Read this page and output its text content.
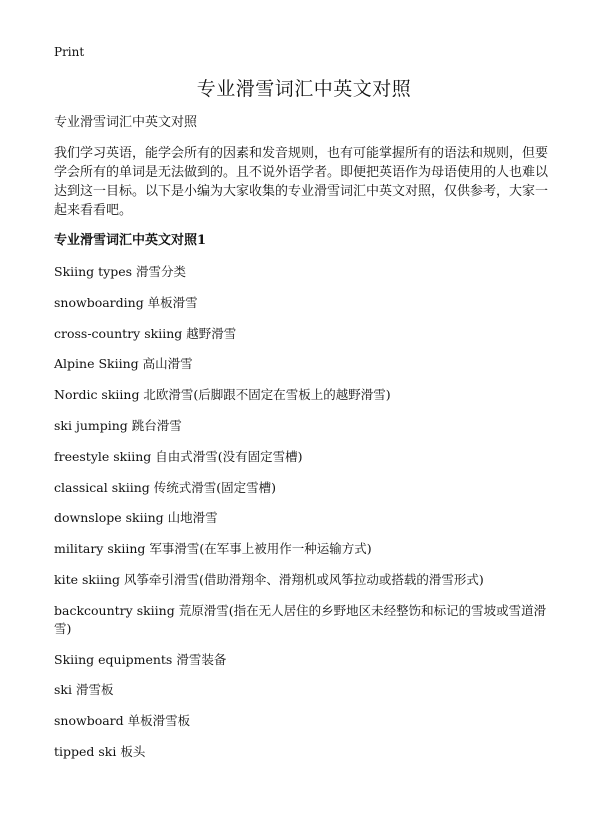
Print
专业滑雪词汇中英文对照

专业滑雪词汇中英文对照

我们学习英语，能学会所有的因素和发音规则，也有可能掌握所有的语法和规则，但要学会所有的单词是无法做到的。且不说外语学者。即便把英语作为母语使用的人也难以达到这一目标。以下是小编为大家收集的专业滑雪词汇中英文对照，仅供参考，大家一起来看看吧。

专业滑雪词汇中英文对照1

Skiing types 滑雪分类

snowboarding 单板滑雪

cross-country skiing 越野滑雪

Alpine Skiing 高山滑雪

Nordic skiing 北欧滑雪(后脚跟不固定在雪板上的越野滑雪)

ski jumping 跳台滑雪

freestyle skiing 自由式滑雪(没有固定雪槽)

classical skiing 传统式滑雪(固定雪槽)

downslope skiing 山地滑雪

military skiing 军事滑雪(在军事上被用作一种运输方式)

kite skiing 风筝牵引滑雪(借助滑翔伞、滑翔机或风筝拉动或搭载的滑雪形式)

backcountry skiing 荒原滑雪(指在无人居住的乡野地区未经整饬和标记的雪坡或雪道滑雪)

Skiing equipments 滑雪装备

ski 滑雪板

snowboard 单板滑雪板

tipped ski 板头
